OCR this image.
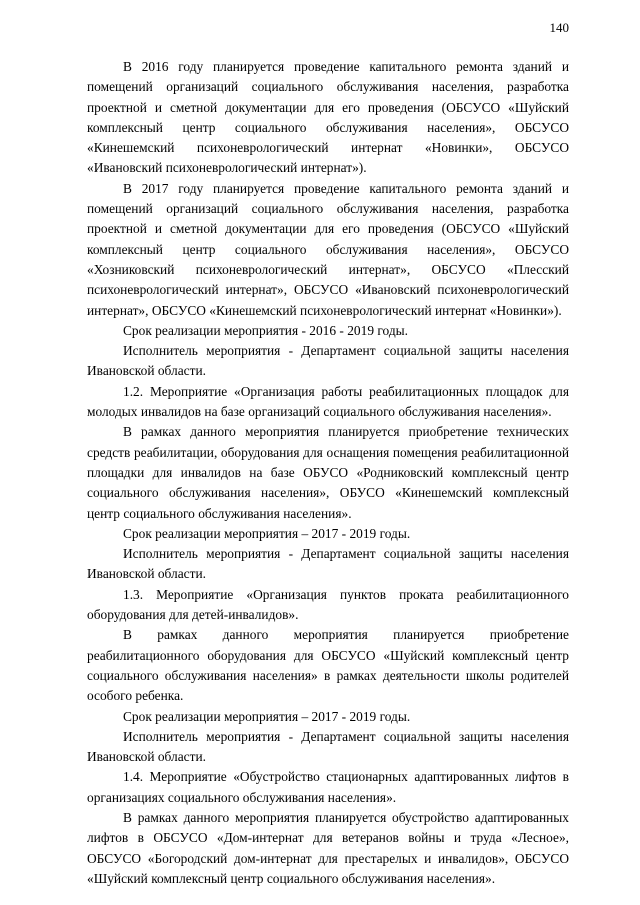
140

В 2016 году планируется проведение капитального ремонта зданий и помещений организаций социального обслуживания населения, разработка проектной и сметной документации для его проведения (ОБСУСО «Шуйский комплексный центр социального обслуживания населения», ОБСУСО «Кинешемский психоневрологический интернат «Новинки», ОБСУСО «Ивановский психоневрологический интернат»).

В 2017 году планируется проведение капитального ремонта зданий и помещений организаций социального обслуживания населения, разработка проектной и сметной документации для его проведения (ОБСУСО «Шуйский комплексный центр социального обслуживания населения», ОБСУСО «Хозниковский психоневрологический интернат», ОБСУСО «Плесский психоневрологический интернат», ОБСУСО «Ивановский психоневрологический интернат», ОБСУСО «Кинешемский психоневрологический интернат «Новинки»).

Срок реализации мероприятия - 2016 - 2019 годы.

Исполнитель мероприятия - Департамент социальной защиты населения Ивановской области.

1.2. Мероприятие «Организация работы реабилитационных площадок для молодых инвалидов на базе организаций социального обслуживания населения».

В рамках данного мероприятия планируется приобретение технических средств реабилитации, оборудования для оснащения помещения реабилитационной площадки для инвалидов на базе ОБУСО «Родниковский комплексный центр социального обслуживания населения», ОБУСО «Кинешемский комплексный центр социального обслуживания населения».

Срок реализации мероприятия – 2017 - 2019 годы.

Исполнитель мероприятия - Департамент социальной защиты населения Ивановской области.

1.3. Мероприятие «Организация пунктов проката реабилитационного оборудования для детей-инвалидов».

В рамках данного мероприятия планируется приобретение реабилитационного оборудования для ОБСУСО «Шуйский комплексный центр социального обслуживания населения» в рамках деятельности школы родителей особого ребенка.

Срок реализации мероприятия – 2017 - 2019 годы.

Исполнитель мероприятия - Департамент социальной защиты населения Ивановской области.

1.4. Мероприятие «Обустройство стационарных адаптированных лифтов в организациях социального обслуживания населения».

В рамках данного мероприятия планируется обустройство адаптированных лифтов в ОБСУСО «Дом-интернат для ветеранов войны и труда «Лесное», ОБСУСО «Богородский дом-интернат для престарелых и инвалидов», ОБСУСО «Шуйский комплексный центр социального обслуживания населения».
